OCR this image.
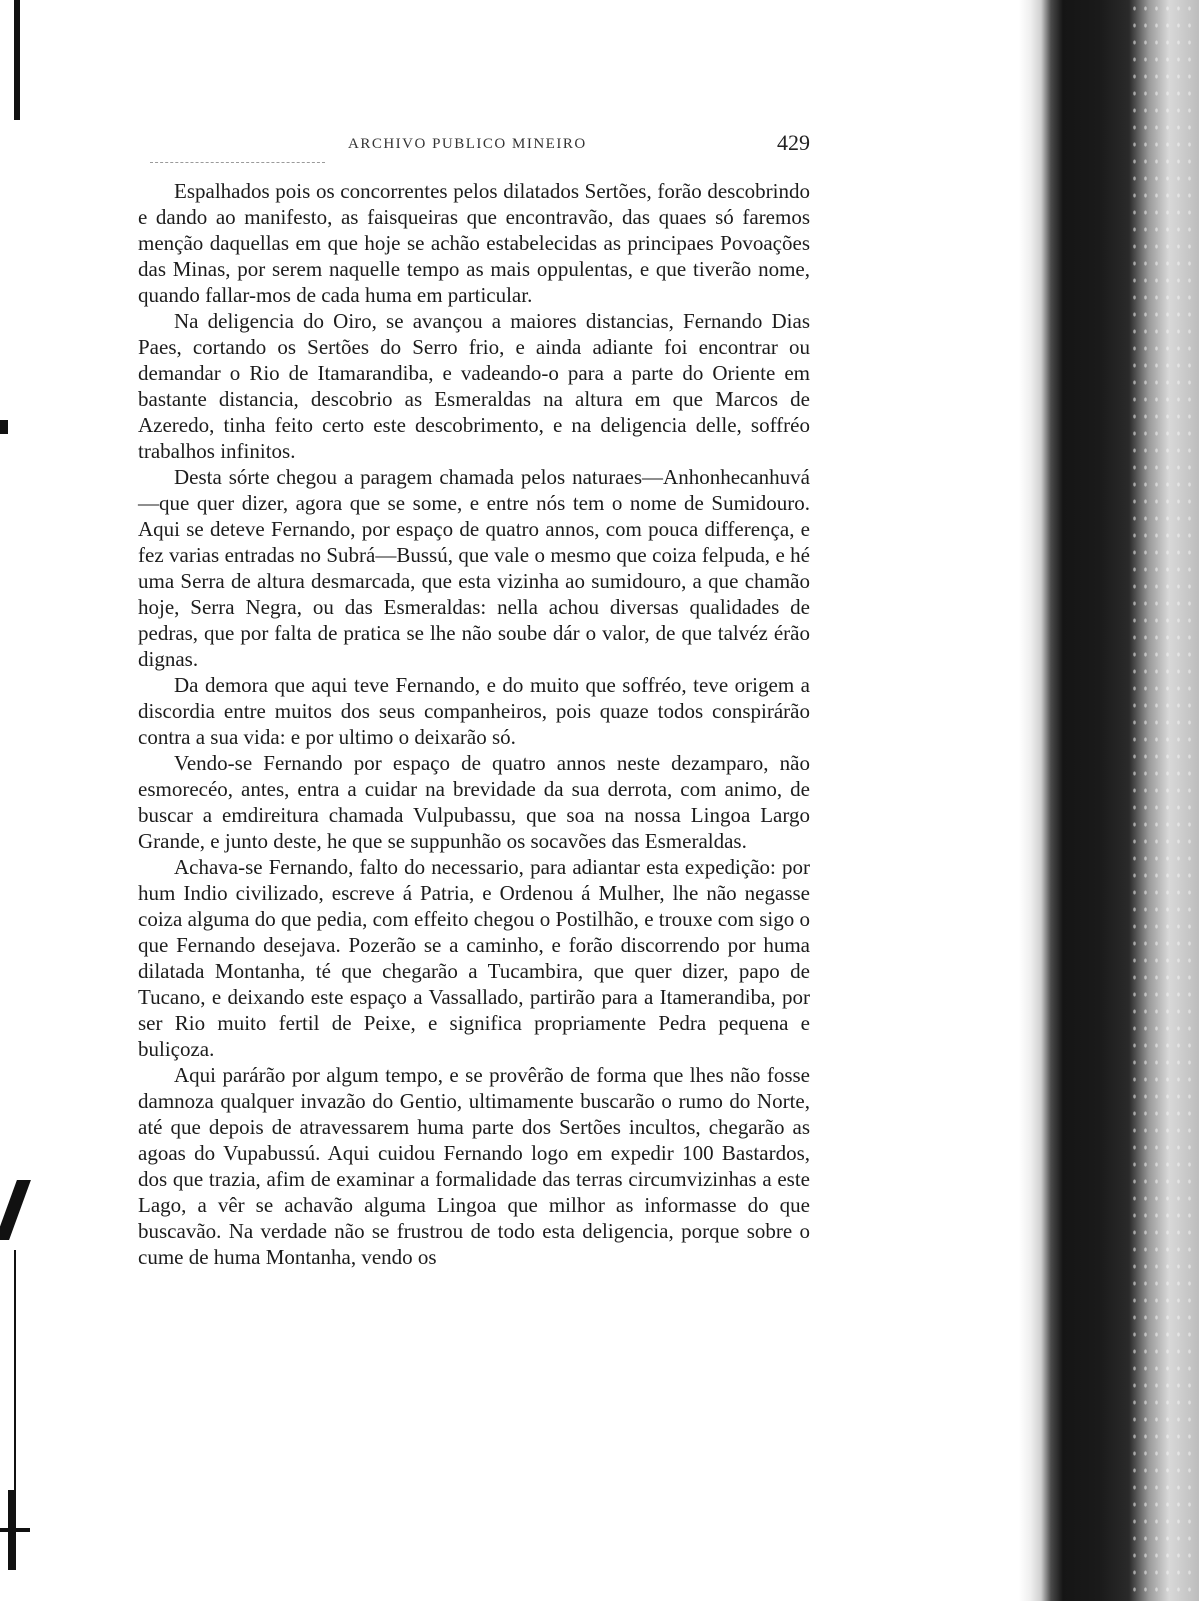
ARCHIVO PUBLICO MINEIRO	429

Espalhados pois os concorrentes pelos dilatados Sertões, forão descobrindo e dando ao manifesto, as faisqueiras que encontravão, das quaes só faremos menção daquellas em que hoje se achão estabelecidas as principaes Povoações das Minas, por serem naquelle tempo as mais oppulentas, e que tiverão nome, quando fallar-mos de cada huma em particular.

Na deligencia do Oiro, se avançou a maiores distancias, Fernando Dias Paes, cortando os Sertões do Serro frio, e ainda adiante foi encontrar ou demandar o Rio de Itamarandiba, e vadeando-o para a parte do Oriente em bastante distancia, descobrio as Esmeraldas na altura em que Marcos de Azeredo, tinha feito certo este descobrimento, e na deligencia delle, soffréo trabalhos infinitos.

Desta sórte chegou a paragem chamada pelos naturaes—Anhonhecanhuvá—que quer dizer, agora que se some, e entre nós tem o nome de Sumidouro. Aqui se deteve Fernando, por espaço de quatro annos, com pouca differença, e fez varias entradas no Subrá—Bussú, que vale o mesmo que coiza felpuda, e hé uma Serra de altura desmarcada, que esta vizinha ao sumidouro, a que chamão hoje, Serra Negra, ou das Esmeraldas: nella achou diversas qualidades de pedras, que por falta de pratica se lhe não soube dár o valor, de que talvéz érão dignas.

Da demora que aqui teve Fernando, e do muito que soffréo, teve origem a discordia entre muitos dos seus companheiros, pois quaze todos conspirárão contra a sua vida: e por ultimo o deixarão só.

Vendo-se Fernando por espaço de quatro annos neste dezamparo, não esmorecéo, antes, entra a cuidar na brevidade da sua derrota, com animo, de buscar a emdireitura chamada Vulpubassu, que soa na nossa Lingoa Largo Grande, e junto deste, he que se suppunhão os socavões das Esmeraldas.

Achava-se Fernando, falto do necessario, para adiantar esta expedição: por hum Indio civilizado, escreve á Patria, e Ordenou á Mulher, lhe não negasse coiza alguma do que pedia, com effeito chegou o Postilhão, e trouxe com sigo o que Fernando desejava. Pozerão se a caminho, e forão discorrendo por huma dilatada Montanha, té que chegarão a Tucambira, que quer dizer, papo de Tucano, e deixando este espaço a Vassallado, partirão para a Itamerandiba, por ser Rio muito fertil de Peixe, e significa propriamente Pedra pequena e buliçoza.

Aqui parárão por algum tempo, e se provêrão de forma que lhes não fosse damnoza qualquer invazão do Gentio, ultimamente buscarão o rumo do Norte, até que depois de atravessarem huma parte dos Sertões incultos, chegarão as agoas do Vupabussú. Aqui cuidou Fernando logo em expedir 100 Bastardos, dos que trazia, afim de examinar a formalidade das terras circumvizinhas a este Lago, a vêr se achavão alguma Lingoa que milhor as informasse do que buscavão. Na verdade não se frustrou de todo esta deligencia, porque sobre o cume de huma Montanha, vendo os
